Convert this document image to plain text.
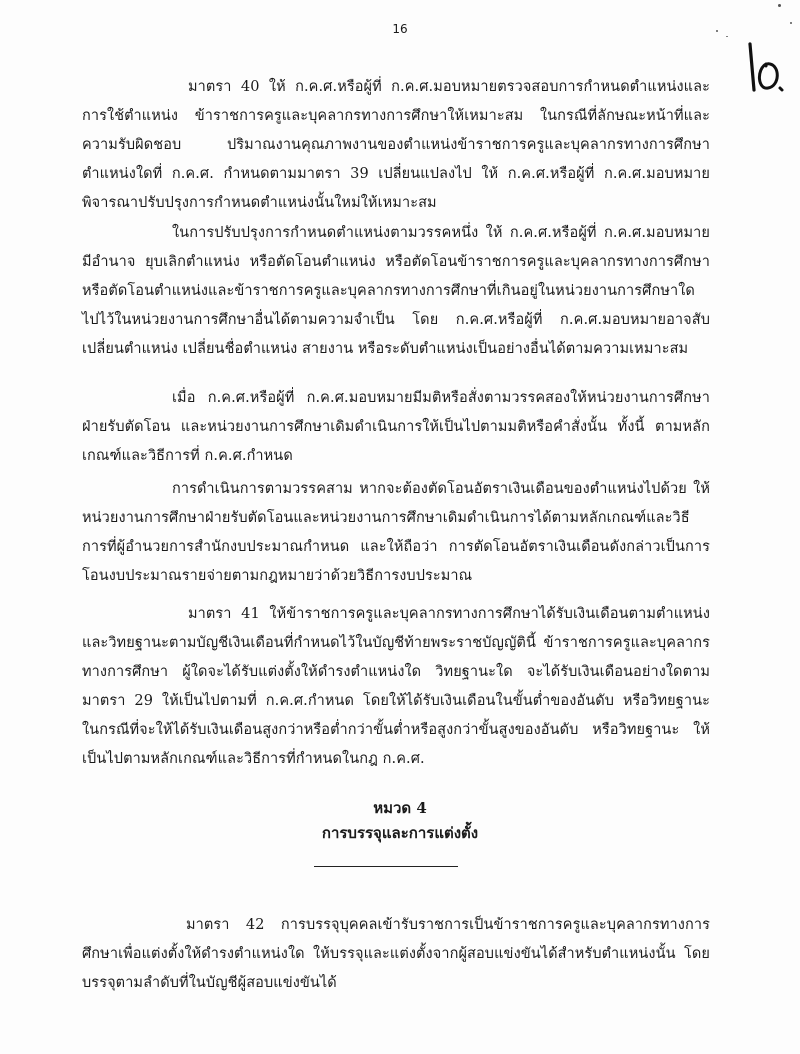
16

มาตรา 40 ให้ ก.ค.ศ.หรือผู้ที่ ก.ค.ศ.มอบหมายตรวจสอบการกำหนดตำแหน่งและการใช้ตำแหน่ง ข้าราชการครูและบุคลากรทางการศึกษาให้เหมาะสม ในกรณีที่ลักษณะหน้าที่และความรับผิดชอบ ปริมาณงานคุณภาพงานของตำแหน่งข้าราชการครูและบุคลากรทางการศึกษาตำแหน่งใดที่ ก.ค.ศ. กำหนดตามมาตรา 39 เปลี่ยนแปลงไป ให้ ก.ค.ศ.หรือผู้ที่ ก.ค.ศ.มอบหมายพิจารณาปรับปรุงการกำหนดตำแหน่งนั้นใหม่ให้เหมาะสม

ในการปรับปรุงการกำหนดตำแหน่งตามวรรคหนึ่ง ให้ ก.ค.ศ.หรือผู้ที่ ก.ค.ศ.มอบหมายมีอำนาจ ยุบเลิกตำแหน่ง หรือตัดโอนตำแหน่ง หรือตัดโอนข้าราชการครูและบุคลากรทางการศึกษา หรือตัดโอนตำแหน่งและข้าราชการครูและบุคลากรทางการศึกษาที่เกินอยู่ในหน่วยงานการศึกษาใดไปไว้ในหน่วยงานการศึกษาอื่นได้ตามความจำเป็น โดย ก.ค.ศ.หรือผู้ที่ ก.ค.ศ.มอบหมายอาจสับเปลี่ยนตำแหน่ง เปลี่ยนชื่อตำแหน่ง สายงาน หรือระดับตำแหน่งเป็นอย่างอื่นได้ตามความเหมาะสม

เมื่อ ก.ค.ศ.หรือผู้ที่ ก.ค.ศ.มอบหมายมีมติหรือสั่งตามวรรคสองให้หน่วยงานการศึกษาฝ่ายรับตัดโอน และหน่วยงานการศึกษาเดิมดำเนินการให้เป็นไปตามมติหรือคำสั่งนั้น ทั้งนี้ ตามหลักเกณฑ์และวิธีการที่ ก.ค.ศ.กำหนด

การดำเนินการตามวรรคสาม หากจะต้องตัดโอนอัตราเงินเดือนของตำแหน่งไปด้วย ให้หน่วยงานการศึกษาฝ่ายรับตัดโอนและหน่วยงานการศึกษาเดิมดำเนินการได้ตามหลักเกณฑ์และวิธีการที่ผู้อำนวยการสำนักงบประมาณกำหนด และให้ถือว่า การตัดโอนอัตราเงินเดือนดังกล่าวเป็นการโอนงบประมาณรายจ่ายตามกฎหมายว่าด้วยวิธีการงบประมาณ

มาตรา 41 ให้ข้าราชการครูและบุคลากรทางการศึกษาได้รับเงินเดือนตามตำแหน่ง และวิทยฐานะตามบัญชีเงินเดือนที่กำหนดไว้ในบัญชีท้ายพระราชบัญญัตินี้ ข้าราชการครูและบุคลากรทางการศึกษา ผู้ใดจะได้รับแต่งตั้งให้ดำรงตำแหน่งใด วิทยฐานะใด จะได้รับเงินเดือนอย่างใดตามมาตรา 29 ให้เป็นไปตามที่ ก.ค.ศ.กำหนด โดยให้ได้รับเงินเดือนในขั้นต่ำของอันดับ หรือวิทยฐานะ ในกรณีที่จะให้ได้รับเงินเดือนสูงกว่าหรือต่ำกว่าขั้นต่ำหรือสูงกว่าขั้นสูงของอันดับ หรือวิทยฐานะ ให้เป็นไปตามหลักเกณฑ์และวิธีการที่กำหนดในกฎ ก.ค.ศ.

หมวด 4
การบรรจุและการแต่งตั้ง

มาตรา 42 การบรรจุบุคคลเข้ารับราชการเป็นข้าราชการครูและบุคลากรทางการศึกษาเพื่อแต่งตั้งให้ดำรงตำแหน่งใด ให้บรรจุและแต่งตั้งจากผู้สอบแข่งขันได้สำหรับตำแหน่งนั้น โดยบรรจุตามลำดับที่ในบัญชีผู้สอบแข่งขันได้
